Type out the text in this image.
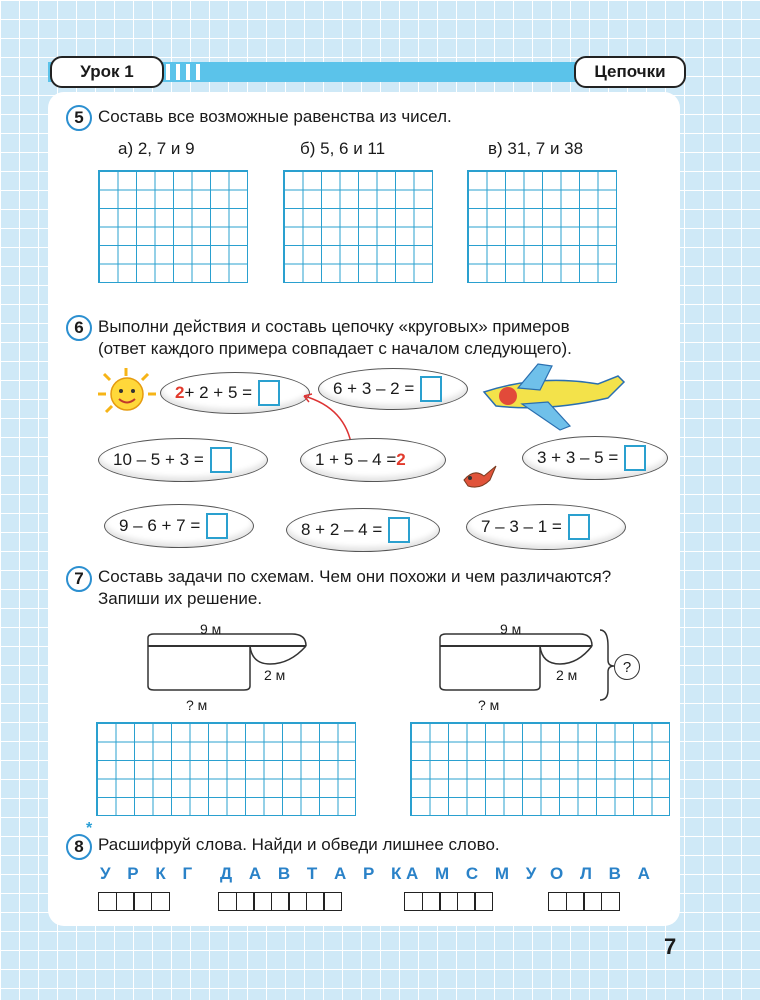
Урок 1	Цепочки
5 Составь все возможные равенства из чисел.
а) 2, 7 и 9	б) 5, 6 и 11	в) 31, 7 и 38
6 Выполни действия и составь цепочку «круговых» примеров
(ответ каждого примера совпадает с началом следующего).
2 + 2 + 5 =	6 + 3 – 2 =
10 – 5 + 3 =	1 + 5 – 4 = 2	3 + 3 – 5 =
9 – 6 + 7 =	8 + 2 – 4 =	7 – 3 – 1 =
7 Составь задачи по схемам. Чем они похожи и чем различаются?
Запиши их решение.
9 м
2 м
? м
9 м
2 м
? м
?
8
*
Расшифруй слова. Найди и обведи лишнее слово.
У Р К Г Д А В Т А Р К
А М С М У О Л В А
7
